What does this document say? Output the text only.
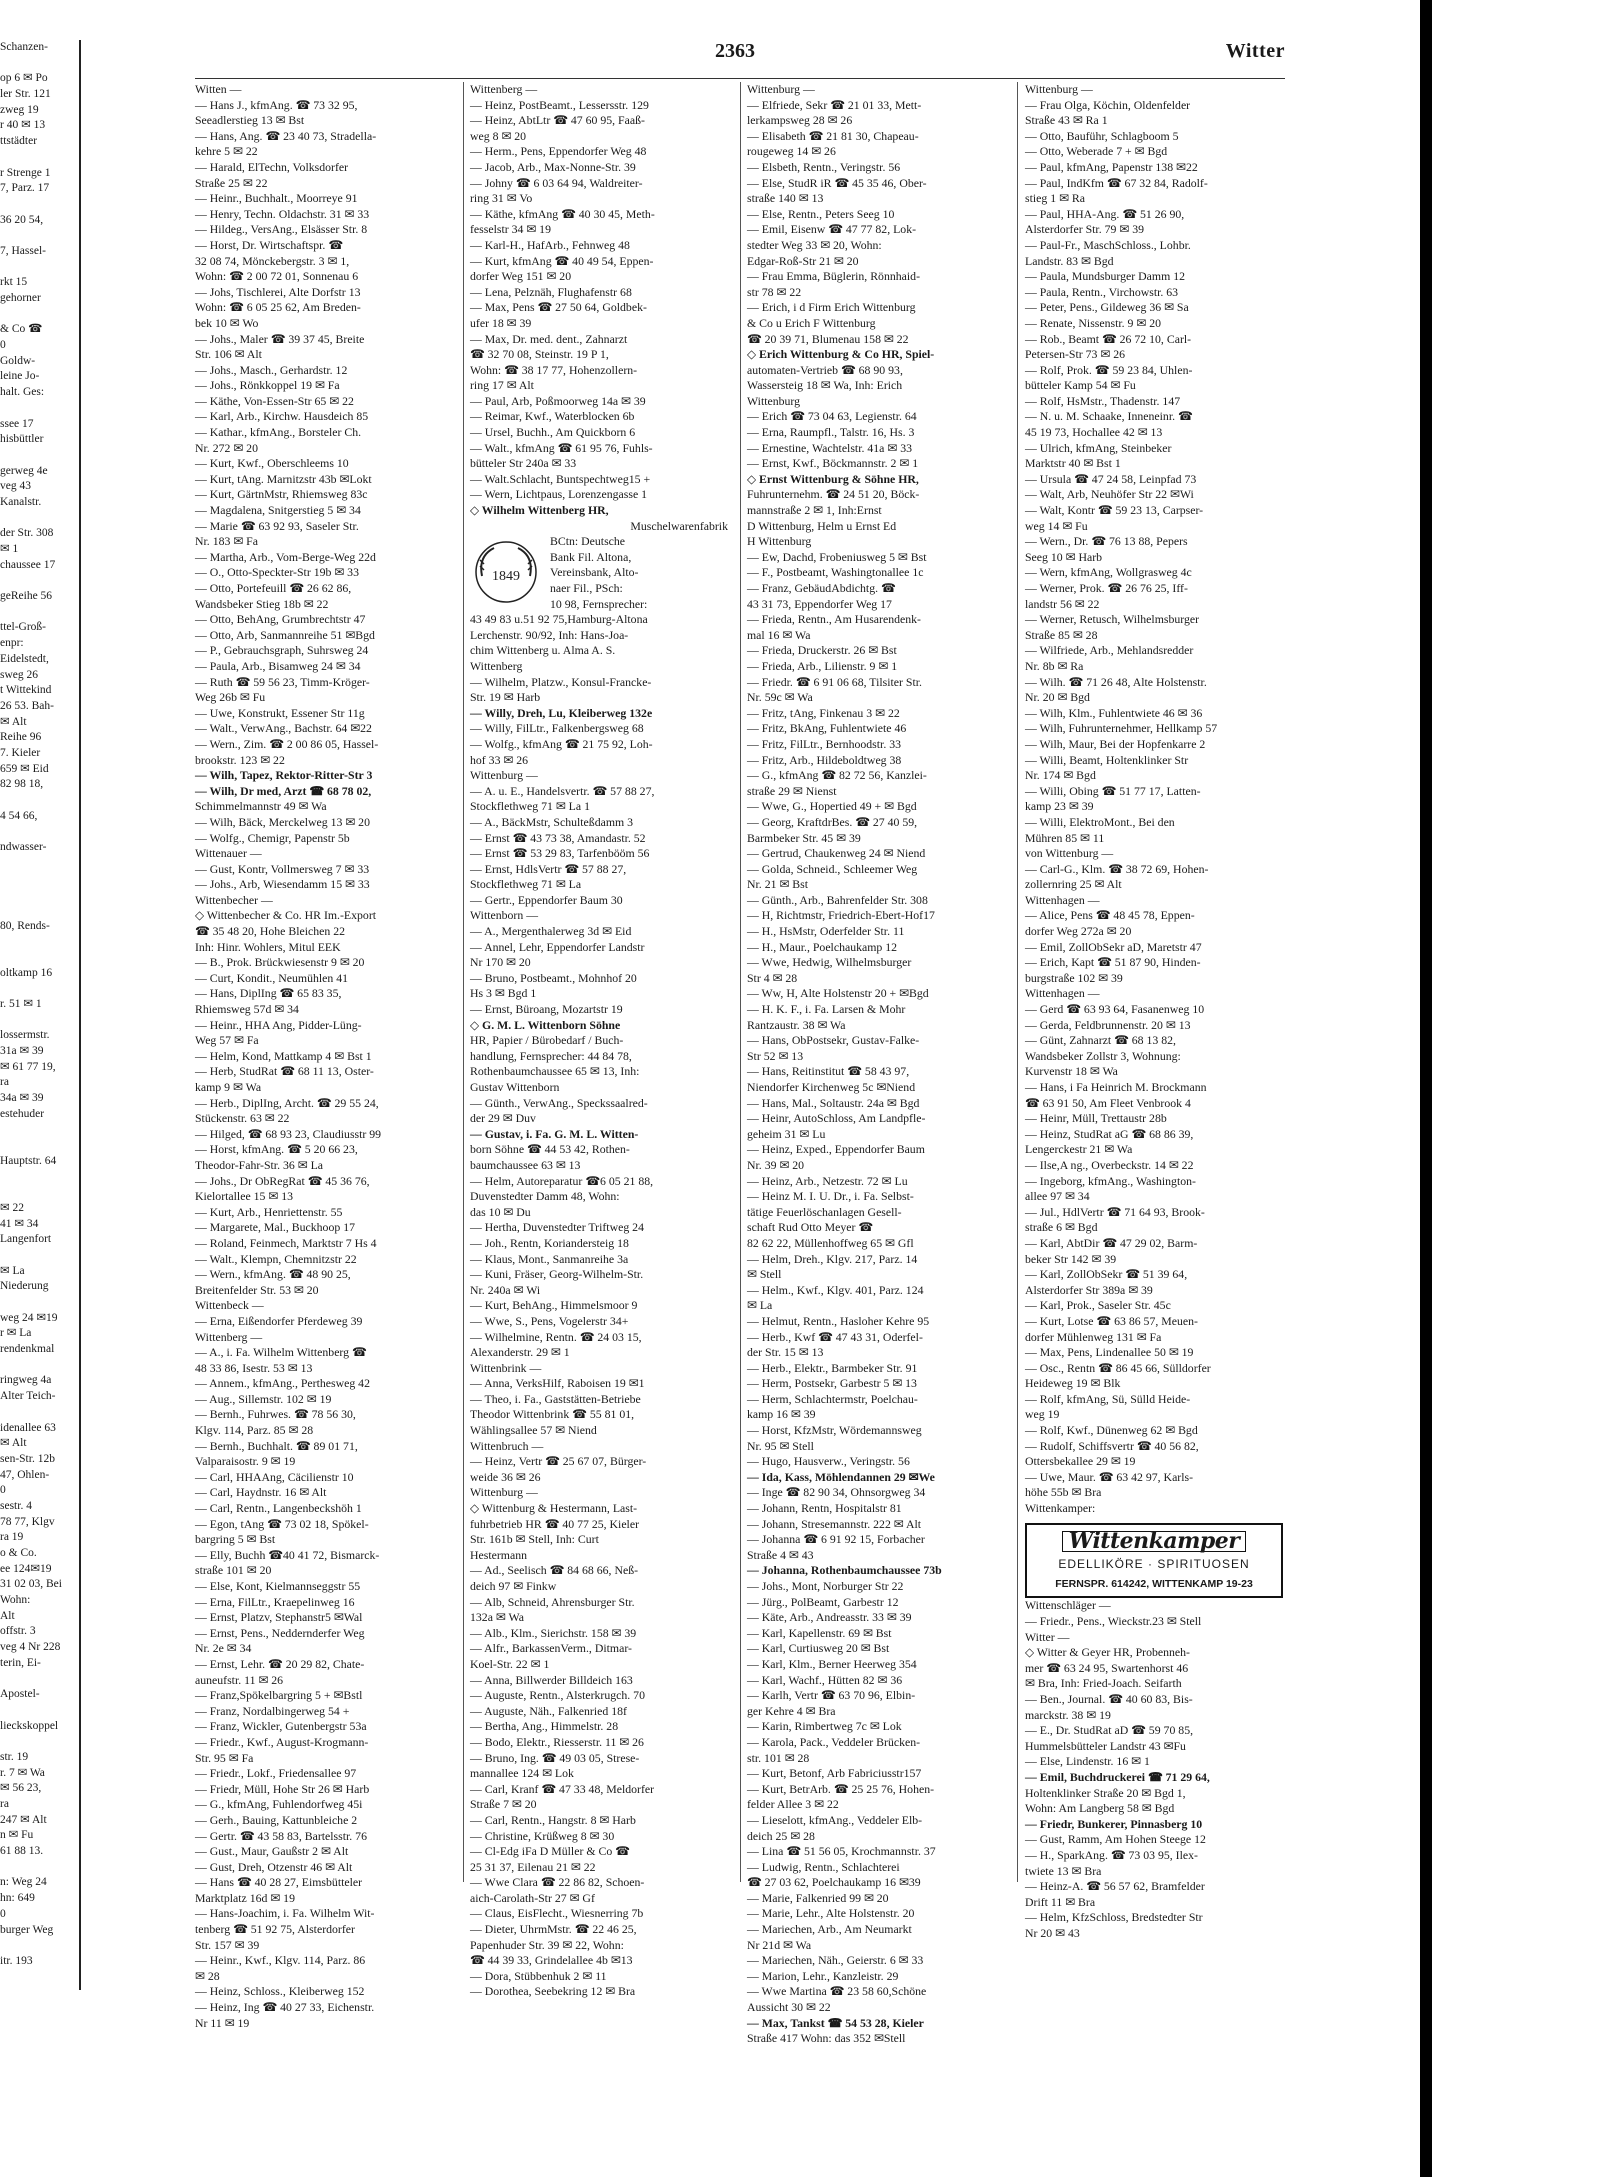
Schanzen-
op 6 ✉ Po
ler Str. 121
zweg 19
r 40 ✉ 13
ttstädter
r Strenge 1
7, Parz. 17
36 20 54,
7, Hassel-
rkt 15
gehorner
& Co ☎
0
Goldw-
leine Jo-
halt. Ges:
ssee 17
hisbüttler
gerweg 4e
veg 43
Kanalstr.
der Str. 308
✉ 1
chaussee 17
geReihe 56
ttel-Groß-
enpr:
Eidelstedt,
sweg 26
t Wittekind
26 53. Bah-
✉ Alt
Reihe 96
7. Kieler
659 ✉ Eid
82 98 18,
4 54 66,
ndwasser-
80, Rends-
oltkamp 16
r. 51 ✉ 1
lossermstr.
31a ✉ 39
✉ 61 77 19,
ra
34a ✉ 39
estehuder
Hauptstr. 64
✉ 22
41 ✉ 34
Langenfort
✉ La
Niederung
weg 24 ✉19
r ✉ La
rendenkmal
ringweg 4a
Alter Teich-
idenallee 63
✉ Alt
sen-Str. 12b
47, Ohlen-
0
sestr. 4
78 77, Klgv
ra 19
o & Co.
ee 124✉19
31 02 03, Bei
Wohn:
Alt
offstr. 3
veg 4 Nr 228
terin, Ei-
Apostel-
lieckskoppel
str. 19
r. 7 ✉ Wa
✉ 56 23,
ra
247 ✉ Alt
n ✉ Fu
61 88 13.
n: Weg 24
hn: 649
0
burger Weg
itr. 193
2363	Witter
Witten —
— Hans J., kfmAng. ☎ 73 32 95,
Seeadlerstieg 13 ✉ Bst
— Hans, Ang. ☎ 23 40 73, Stradella-
kehre 5 ✉ 22
— Harald, ElTechn, Volksdorfer
Straße 25 ✉ 22
— Heinr., Buchhalt., Moorreye 91
— Henry, Techn. Oldachstr. 31 ✉ 33
— Hildeg., VersAng., Elsässer Str. 8
— Horst, Dr. Wirtschaftspr. ☎
32 08 74, Mönckebergstr. 3 ✉ 1,
Wohn: ☎ 2 00 72 01, Sonnenau 6
— Johs, Tischlerei, Alte Dorfstr 13
Wohn: ☎ 6 05 25 62, Am Breden-
bek 10 ✉ Wo
— Johs., Maler ☎ 39 37 45, Breite
Str. 106 ✉ Alt
— Johs., Masch., Gerhardstr. 12
— Johs., Rönkkoppel 19 ✉ Fa
— Käthe, Von-Essen-Str 65 ✉ 22
— Karl, Arb., Kirchw. Hausdeich 85
— Kathar., kfmAng., Borsteler Ch.
Nr. 272 ✉ 20
— Kurt, Kwf., Oberschleems 10
— Kurt, tAng. Marnitzstr 43b ✉Lokt
— Kurt, GärtnMstr, Rhiemsweg 83c
— Magdalena, Snitgerstieg 5 ✉ 34
— Marie ☎ 63 92 93, Saseler Str.
Nr. 183 ✉ Fa
— Martha, Arb., Vom-Berge-Weg 22d
— O., Otto-Speckter-Str 19b ✉ 33
— Otto, Portefeuill ☎ 26 62 86,
Wandsbeker Stieg 18b ✉ 22
— Otto, BehAng, Grumbrechtstr 47
— Otto, Arb, Sanmannreihe 51 ✉Bgd
— P., Gebrauchsgraph, Suhrsweg 24
— Paula, Arb., Bisamweg 24 ✉ 34
— Ruth ☎ 59 56 23, Timm-Kröger-
Weg 26b ✉ Fu
— Uwe, Konstrukt, Essener Str 11g
— Walt., VerwAng., Bachstr. 64 ✉22
— Wern., Zim. ☎ 2 00 86 05, Hassel-
brookstr. 123 ✉ 22
— Wilh, Tapez, Rektor-Ritter-Str 3
— Wilh, Dr med, Arzt ☎ 68 78 02,
Schimmelmannstr 49 ✉ Wa
— Wilh, Bäck, Merckelweg 13 ✉ 20
— Wolfg., Chemigr, Papenstr 5b
Wittenauer —
— Gust, Kontr, Vollmersweg 7 ✉ 33
— Johs., Arb, Wiesendamm 15 ✉ 33
Wittenbecher —
◇ Wittenbecher & Co. HR Im.-Export
☎ 35 48 20, Hohe Bleichen 22
Inh: Hinr. Wohlers, Mitul EEK
— B., Prok. Brückwiesenstr 9 ✉ 20
— Curt, Kondit., Neumühlen 41
— Hans, DiplIng ☎ 65 83 35,
Rhiemsweg 57d ✉ 34
— Heinr., HHA Ang, Pidder-Lüng-
Weg 57 ✉ Fa
— Helm, Kond, Mattkamp 4 ✉ Bst 1
— Herb, StudRat ☎ 68 11 13, Oster-
kamp 9 ✉ Wa
— Herb., DiplIng, Archt. ☎ 29 55 24,
Stückenstr. 63 ✉ 22
— Hilged, ☎ 68 93 23, Claudiusstr 99
— Horst, kfmAng. ☎ 5 20 66 23,
Theodor-Fahr-Str. 36 ✉ La
— Johs., Dr ObRegRat ☎ 45 36 76,
Kielortallee 15 ✉ 13
— Kurt, Arb., Henriettenstr. 55
— Margarete, Mal., Buckhoop 17
— Roland, Feinmech, Marktstr 7 Hs 4
— Walt., Klempn, Chemnitzstr 22
— Wern., kfmAng. ☎ 48 90 25,
Breitenfelder Str. 53 ✉ 20
Wittenbeck —
— Erna, Eißendorfer Pferdeweg 39
Wittenberg —
— A., i. Fa. Wilhelm Wittenberg ☎
48 33 86, Isestr. 53 ✉ 13
— Annem., kfmAng., Perthesweg 42
— Aug., Sillemstr. 102 ✉ 19
— Bernh., Fuhrwes. ☎ 78 56 30,
Klgv. 114, Parz. 85 ✉ 28
— Bernh., Buchhalt. ☎ 89 01 71,
Valparaisostr. 9 ✉ 19
— Carl, HHAAng, Cäcilienstr 10
— Carl, Haydnstr. 16 ✉ Alt
— Carl, Rentn., Langenbeckshöh 1
— Egon, tAng ☎ 73 02 18, Spökel-
bargring 5 ✉ Bst
— Elly, Buchh ☎40 41 72, Bismarck-
straße 101 ✉ 20
— Else, Kont, Kielmannseggstr 55
— Erna, FilLtr., Kraepelinweg 16
— Ernst, Platzv, Stephanstr5 ✉Wal
— Ernst, Pens., Neddernderfer Weg
Nr. 2e ✉ 34
— Ernst, Lehr. ☎ 20 29 82, Chate-
auneufstr. 11 ✉ 26
— Franz,Spökelbargring 5 + ✉Bstl
— Franz, Nordalbingerweg 54 +
— Franz, Wickler, Gutenbergstr 53a
— Friedr., Kwf., August-Krogmann-
Str. 95 ✉ Fa
— Friedr., Lokf., Friedensallee 97
— Friedr, Müll, Hohe Str 26 ✉ Harb
— G., kfmAng, Fuhlendorfweg 45i
— Gerh., Bauing, Kattunbleiche 2
— Gertr. ☎ 43 58 83, Bartelsstr. 76
— Gust., Maur, Gaußstr 2 ✉ Alt
— Gust, Dreh, Otzenstr 46 ✉ Alt
— Hans ☎ 40 28 27, Eimsbütteler
Marktplatz 16d ✉ 19
— Hans-Joachim, i. Fa. Wilhelm Wit-
tenberg ☎ 51 92 75, Alsterdorfer
Str. 157 ✉ 39
— Heinr., Kwf., Klgv. 114, Parz. 86
✉ 28
— Heinz, Schloss., Kleiberweg 152
— Heinz, Ing ☎ 40 27 33, Eichenstr.
Nr 11 ✉ 19
Wittenberg —
— Heinz, PostBeamt., Lessersstr. 129
— Heinz, AbtLtr ☎ 47 60 95, Faaß-
weg 8 ✉ 20
— Herm., Pens, Eppendorfer Weg 48
— Jacob, Arb., Max-Nonne-Str. 39
— Johny ☎ 6 03 64 94, Waldreiter-
ring 31 ✉ Vo
— Käthe, kfmAng ☎ 40 30 45, Meth-
fesselstr 34 ✉ 19
— Karl-H., HafArb., Fehnweg 48
— Kurt, kfmAng ☎ 40 49 54, Eppen-
dorfer Weg 151 ✉ 20
— Lena, Pelznäh, Flughafenstr 68
— Max, Pens ☎ 27 50 64, Goldbek-
ufer 18 ✉ 39
— Max, Dr. med. dent., Zahnarzt
☎ 32 70 08, Steinstr. 19 P 1,
Wohn: ☎ 38 17 77, Hohenzollern-
ring 17 ✉ Alt
— Paul, Arb, Poßmoorweg 14a ✉ 39
— Reimar, Kwf., Waterblocken 6b
— Ursel, Buchh., Am Quickborn 6
— Walt., kfmAng ☎ 61 95 76, Fuhls-
bütteler Str 240a ✉ 33
— Walt.Schlacht, Buntspechtweg15 +
— Wern, Lichtpaus, Lorenzengasse 1
◇ Wilhelm Wittenberg HR,
Muschelwarenfabrik
1849
BCtn: Deutsche
Bank Fil. Altona,
Vereinsbank, Alto-
naer Fil., PSch:
10 98, Fernsprecher:
43 49 83 u.51 92 75,Hamburg-Altona
Lerchenstr. 90/92, Inh: Hans-Joa-
chim Wittenberg u. Alma A. S.
Wittenberg
— Wilhelm, Platzw., Konsul-Francke-
Str. 19 ✉ Harb
— Willy, Dreh, Lu, Kleiberweg 132e
— Willy, FilLtr., Falkenbergsweg 68
— Wolfg., kfmAng ☎ 21 75 92, Loh-
hof 33 ✉ 26
Wittenburg —
— A. u. E., Handelsvertr. ☎ 57 88 27,
Stockflethweg 71 ✉ La 1
— A., BäckMstr, Schulteßdamm 3
— Ernst ☎ 43 73 38, Amandastr. 52
— Ernst ☎ 53 29 83, Tarfenbööm 56
— Ernst, HdlsVertr ☎ 57 88 27,
Stockflethweg 71 ✉ La
— Gertr., Eppendorfer Baum 30
Wittenborn —
— A., Mergenthalerweg 3d ✉ Eid
— Annel, Lehr, Eppendorfer Landstr
Nr 170 ✉ 20
— Bruno, Postbeamt., Mohnhof 20
Hs 3 ✉ Bgd 1
— Ernst, Büroang, Mozartstr 19
◇ G. M. L. Wittenborn Söhne
HR, Papier / Bürobedarf / Buch-
handlung, Fernsprecher: 44 84 78,
Rothenbaumchaussee 65 ✉ 13, Inh:
Gustav Wittenborn
— Günth., VerwAng., Speckssaalred-
der 29 ✉ Duv
— Gustav, i. Fa. G. M. L. Witten-
born Söhne ☎ 44 53 42, Rothen-
baumchaussee 63 ✉ 13
— Helm, Autoreparatur ☎6 05 21 88,
Duvenstedter Damm 48, Wohn:
das 10 ✉ Du
— Hertha, Duvenstedter Triftweg 24
— Joh., Rentn, Koriandersteig 18
— Klaus, Mont., Sanmanreihe 3a
— Kuni, Fräser, Georg-Wilhelm-Str.
Nr. 240a ✉ Wi
— Kurt, BehAng., Himmelsmoor 9
— Wwe, S., Pens, Vogelerstr 34+
— Wilhelmine, Rentn. ☎ 24 03 15,
Alexanderstr. 29 ✉ 1
Wittenbrink —
— Anna, VerksHilf, Raboisen 19 ✉1
— Theo, i. Fa., Gaststätten-Betriebe
Theodor Wittenbrink ☎ 55 81 01,
Wählingsallee 57 ✉ Niend
Wittenbruch —
— Heinz, Vertr ☎ 25 67 07, Bürger-
weide 36 ✉ 26
Wittenburg —
◇ Wittenburg & Hestermann, Last-
fuhrbetrieb HR ☎ 40 77 25, Kieler
Str. 161b ✉ Stell, Inh: Curt
Hestermann
— Ad., Seelisch ☎ 84 68 66, Neß-
deich 97 ✉ Finkw
— Alb, Schneid, Ahrensburger Str.
132a ✉ Wa
— Alb., Klm., Sierichstr. 158 ✉ 39
— Alfr., BarkassenVerm., Ditmar-
Koel-Str. 22 ✉ 1
— Anna, Billwerder Billdeich 163
— Auguste, Rentn., Alsterkrugch. 70
— Auguste, Näh., Falkenried 18f
— Bertha, Ang., Himmelstr. 28
— Bodo, Elektr., Riesserstr. 11 ✉ 26
— Bruno, Ing. ☎ 49 03 05, Strese-
mannallee 124 ✉ Lok
— Carl, Kranf ☎ 47 33 48, Meldorfer
Straße 7 ✉ 20
— Carl, Rentn., Hangstr. 8 ✉ Harb
— Christine, Krüßweg 8 ✉ 30
— Cl-Edg iFa D Müller & Co ☎
25 31 37, Eilenau 21 ✉ 22
— Wwe Clara ☎ 22 86 82, Schoen-
aich-Carolath-Str 27 ✉ Gf
— Claus, EisFlecht., Wiesnerring 7b
— Dieter, UhrmMstr. ☎ 22 46 25,
Papenhuder Str. 39 ✉ 22, Wohn:
☎ 44 39 33, Grindelallee 4b ✉13
— Dora, Stübbenhuk 2 ✉ 11
— Dorothea, Seebekring 12 ✉ Bra
Wittenburg —
— Elfriede, Sekr ☎ 21 01 33, Mett-
lerkampsweg 28 ✉ 26
— Elisabeth ☎ 21 81 30, Chapeau-
rougeweg 14 ✉ 26
— Elsbeth, Rentn., Veringstr. 56
— Else, StudR iR ☎ 45 35 46, Ober-
straße 140 ✉ 13
— Else, Rentn., Peters Seeg 10
— Emil, Eisenw ☎ 47 77 82, Lok-
stedter Weg 33 ✉ 20, Wohn:
Edgar-Roß-Str 21 ✉ 20
— Frau Emma, Büglerin, Rönnhaid-
str 78 ✉ 22
— Erich, i d Firm Erich Wittenburg
& Co u Erich F Wittenburg
☎ 20 39 71, Blumenau 158 ✉ 22
◇ Erich Wittenburg & Co HR, Spiel-
automaten-Vertrieb ☎ 68 90 93,
Wassersteig 18 ✉ Wa, Inh: Erich
Wittenburg
— Erich ☎ 73 04 63, Legienstr. 64
— Erna, Raumpfl., Talstr. 16, Hs. 3
— Ernestine, Wachtelstr. 41a ✉ 33
— Ernst, Kwf., Böckmannstr. 2 ✉ 1
◇ Ernst Wittenburg & Söhne HR,
Fuhrunternehm. ☎ 24 51 20, Böck-
mannstraße 2 ✉ 1, Inh:Ernst
D Wittenburg, Helm u Ernst Ed
H Wittenburg
— Ew, Dachd, Frobeniusweg 5 ✉ Bst
— F., Postbeamt, Washingtonallee 1c
— Franz, GebäudAbdichtg. ☎
43 31 73, Eppendorfer Weg 17
— Frieda, Rentn., Am Husarendenk-
mal 16 ✉ Wa
— Frieda, Druckerstr. 26 ✉ Bst
— Frieda, Arb., Lilienstr. 9 ✉ 1
— Friedr. ☎ 6 91 06 68, Tilsiter Str.
Nr. 59c ✉ Wa
— Fritz, tAng, Finkenau 3 ✉ 22
— Fritz, BkAng, Fuhlentwiete 46
— Fritz, FilLtr., Bernhoodstr. 33
— Fritz, Arb., Hildeboldtweg 38
— G., kfmAng ☎ 82 72 56, Kanzlei-
straße 29 ✉ Nienst
— Wwe, G., Hopertied 49 + ✉ Bgd
— Georg, KraftdrBes. ☎ 27 40 59,
Barmbeker Str. 45 ✉ 39
— Gertrud, Chaukenweg 24 ✉ Niend
— Golda, Schneid., Schleemer Weg
Nr. 21 ✉ Bst
— Günth., Arb., Bahrenfelder Str. 308
— H, Richtmstr, Friedrich-Ebert-Hof17
— H., HsMstr, Oderfelder Str. 11
— H., Maur., Poelchaukamp 12
— Wwe, Hedwig, Wilhelmsburger
Str 4 ✉ 28
— Ww, H, Alte Holstenstr 20 + ✉Bgd
— H. K. F., i. Fa. Larsen & Mohr
Rantzaustr. 38 ✉ Wa
— Hans, ObPostsekr, Gustav-Falke-
Str 52 ✉ 13
— Hans, Reitinstitut ☎ 58 43 97,
Niendorfer Kirchenweg 5c ✉Niend
— Hans, Mal., Soltaustr. 24a ✉ Bgd
— Heinr, AutoSchloss, Am Landpfle-
geheim 31 ✉ Lu
— Heinz, Exped., Eppendorfer Baum
Nr. 39 ✉ 20
— Heinz, Arb., Netzestr. 72 ✉ Lu
— Heinz M. I. U. Dr., i. Fa. Selbst-
tätige Feuerlöschanlagen Gesell-
schaft Rud Otto Meyer ☎
82 62 22, Müllenhoffweg 65 ✉ Gfl
— Helm, Dreh., Klgv. 217, Parz. 14
✉ Stell
— Helm., Kwf., Klgv. 401, Parz. 124
✉ La
— Helmut, Rentn., Hasloher Kehre 95
— Herb., Kwf ☎ 47 43 31, Oderfel-
der Str. 15 ✉ 13
— Herb., Elektr., Barmbeker Str. 91
— Herm, Postsekr, Garbestr 5 ✉ 13
— Herm, Schlachtermstr, Poelchau-
kamp 16 ✉ 39
— Horst, KfzMstr, Wördemannsweg
Nr. 95 ✉ Stell
— Hugo, Hausverw., Veringstr. 56
— Ida, Kass, Möhlendannen 29 ✉We
— Inge ☎ 82 90 34, Ohnsorgweg 34
— Johann, Rentn, Hospitalstr 81
— Johann, Stresemannstr. 222 ✉ Alt
— Johanna ☎ 6 91 92 15, Forbacher
Straße 4 ✉ 43
— Johanna, Rothenbaumchaussee 73b
— Johs., Mont, Norburger Str 22
— Jürg., PolBeamt, Garbestr 12
— Käte, Arb., Andreasstr. 33 ✉ 39
— Karl, Kapellenstr. 69 ✉ Bst
— Karl, Curtiusweg 20 ✉ Bst
— Karl, Klm., Berner Heerweg 354
— Karl, Wachf., Hütten 82 ✉ 36
— Karlh, Vertr ☎ 63 70 96, Elbin-
ger Kehre 4 ✉ Bra
— Karin, Rimbertweg 7c ✉ Lok
— Karola, Pack., Veddeler Brücken-
str. 101 ✉ 28
— Kurt, Betonf, Arb Fabriciusstr157
— Kurt, BetrArb. ☎ 25 25 76, Hohen-
felder Allee 3 ✉ 22
— Lieselott, kfmAng., Veddeler Elb-
deich 25 ✉ 28
— Lina ☎ 51 56 05, Krochmannstr. 37
— Ludwig, Rentn., Schlachterei
☎ 27 03 62, Poelchaukamp 16 ✉39
— Marie, Falkenried 99 ✉ 20
— Marie, Lehr., Alte Holstenstr. 20
— Mariechen, Arb., Am Neumarkt
Nr 21d ✉ Wa
— Mariechen, Näh., Geierstr. 6 ✉ 33
— Marion, Lehr., Kanzleistr. 29
— Wwe Martina ☎ 23 58 60,Schöne
Aussicht 30 ✉ 22
— Max, Tankst ☎ 54 53 28, Kieler
Straße 417 Wohn: das 352 ✉Stell
Wittenburg —
— Frau Olga, Köchin, Oldenfelder
Straße 43 ✉ Ra 1
— Otto, Bauführ, Schlagboom 5
— Otto, Weberade 7 + ✉ Bgd
— Paul, kfmAng, Papenstr 138 ✉22
— Paul, IndKfm ☎ 67 32 84, Radolf-
stieg 1 ✉ Ra
— Paul, HHA-Ang. ☎ 51 26 90,
Alsterdorfer Str. 79 ✉ 39
— Paul-Fr., MaschSchloss., Lohbr.
Landstr. 83 ✉ Bgd
— Paula, Mundsburger Damm 12
— Paula, Rentn., Virchowstr. 63
— Peter, Pens., Gildeweg 36 ✉ Sa
— Renate, Nissenstr. 9 ✉ 20
— Rob., Beamt ☎ 26 72 10, Carl-
Petersen-Str 73 ✉ 26
— Rolf, Prok. ☎ 59 23 84, Uhlen-
bütteler Kamp 54 ✉ Fu
— Rolf, HsMstr., Thadenstr. 147
— N. u. M. Schaake, Inneneinr. ☎
45 19 73, Hochallee 42 ✉ 13
— Ulrich, kfmAng, Steinbeker
Marktstr 40 ✉ Bst 1
— Ursula ☎ 47 24 58, Leinpfad 73
— Walt, Arb, Neuhöfer Str 22 ✉Wi
— Walt, Kontr ☎ 59 23 13, Carpser-
weg 14 ✉ Fu
— Wern., Dr. ☎ 76 13 88, Pepers
Seeg 10 ✉ Harb
— Wern, kfmAng, Wollgrasweg 4c
— Werner, Prok. ☎ 26 76 25, Iff-
landstr 56 ✉ 22
— Werner, Retusch, Wilhelmsburger
Straße 85 ✉ 28
— Wilfriede, Arb., Mehlandsredder
Nr. 8b ✉ Ra
— Wilh. ☎ 71 26 48, Alte Holstenstr.
Nr. 20 ✉ Bgd
— Wilh, Klm., Fuhlentwiete 46 ✉ 36
— Wilh, Fuhrunternehmer, Hellkamp 57
— Wilh, Maur, Bei der Hopfenkarre 2
— Willi, Beamt, Holtenklinker Str
Nr. 174 ✉ Bgd
— Willi, Obing ☎ 51 77 17, Latten-
kamp 23 ✉ 39
— Willi, ElektroMont., Bei den
Mühren 85 ✉ 11
von Wittenburg —
— Carl-G., Klm. ☎ 38 72 69, Hohen-
zollernring 25 ✉ Alt
Wittenhagen —
— Alice, Pens ☎ 48 45 78, Eppen-
dorfer Weg 272a ✉ 20
— Emil, ZollObSekr aD, Maretstr 47
— Erich, Kapt ☎ 51 87 90, Hinden-
burgstraße 102 ✉ 39
Wittenhagen —
— Gerd ☎ 63 93 64, Fasanenweg 10
— Gerda, Feldbrunnenstr. 20 ✉ 13
— Günt, Zahnarzt ☎ 68 13 82,
Wandsbeker Zollstr 3, Wohnung:
Kurvenstr 18 ✉ Wa
— Hans, i Fa Heinrich M. Brockmann
☎ 63 91 50, Am Fleet Venbrook 4
— Heinr, Müll, Trettaustr 28b
— Heinz, StudRat aG ☎ 68 86 39,
Lengerckestr 21 ✉ Wa
— Ilse,A ng., Overbeckstr. 14 ✉ 22
— Ingeborg, kfmAng., Washington-
allee 97 ✉ 34
— Jul., HdlVertr ☎ 71 64 93, Brook-
straße 6 ✉ Bgd
— Karl, AbtDir ☎ 47 29 02, Barm-
beker Str 142 ✉ 39
— Karl, ZollObSekr ☎ 51 39 64,
Alsterdorfer Str 389a ✉ 39
— Karl, Prok., Saseler Str. 45c
— Kurt, Lotse ☎ 63 86 57, Meuen-
dorfer Mühlenweg 131 ✉ Fa
— Max, Pens, Lindenallee 50 ✉ 19
— Osc., Rentn ☎ 86 45 66, Sülldorfer
Heideweg 19 ✉ Blk
— Rolf, kfmAng, Sü, Sülld Heide-
weg 19
— Rolf, Kwf., Dünenweg 62 ✉ Bgd
— Rudolf, Schiffsvertr ☎ 40 56 82,
Ottersbekallee 29 ✉ 19
— Uwe, Maur. ☎ 63 42 97, Karls-
höhe 55b ✉ Bra
Wittenkamper:
Wittenkamper
EDELLIKÖRE · SPIRITUOSEN
FERNSPR. 614242, WITTENKAMP 19-23
Wittenschläger —
— Friedr., Pens., Wieckstr.23 ✉ Stell
Witter —
◇ Witter & Geyer HR, Probenneh-
mer ☎ 63 24 95, Swartenhorst 46
✉ Bra, Inh: Fried-Joach. Seifarth
— Ben., Journal. ☎ 40 60 83, Bis-
marckstr. 38 ✉ 19
— E., Dr. StudRat aD ☎ 59 70 85,
Hummelsbütteler Landstr 43 ✉Fu
— Else, Lindenstr. 16 ✉ 1
— Emil, Buchdruckerei ☎ 71 29 64,
Holtenklinker Straße 20 ✉ Bgd 1,
Wohn: Am Langberg 58 ✉ Bgd
— Friedr, Bunkerer, Pinnasberg 10
— Gust, Ramm, Am Hohen Steege 12
— H., SparkAng. ☎ 73 03 95, Ilex-
twiete 13 ✉ Bra
— Heinz-A. ☎ 56 57 62, Bramfelder
Drift 11 ✉ Bra
— Helm, KfzSchloss, Bredstedter Str
Nr 20 ✉ 43
